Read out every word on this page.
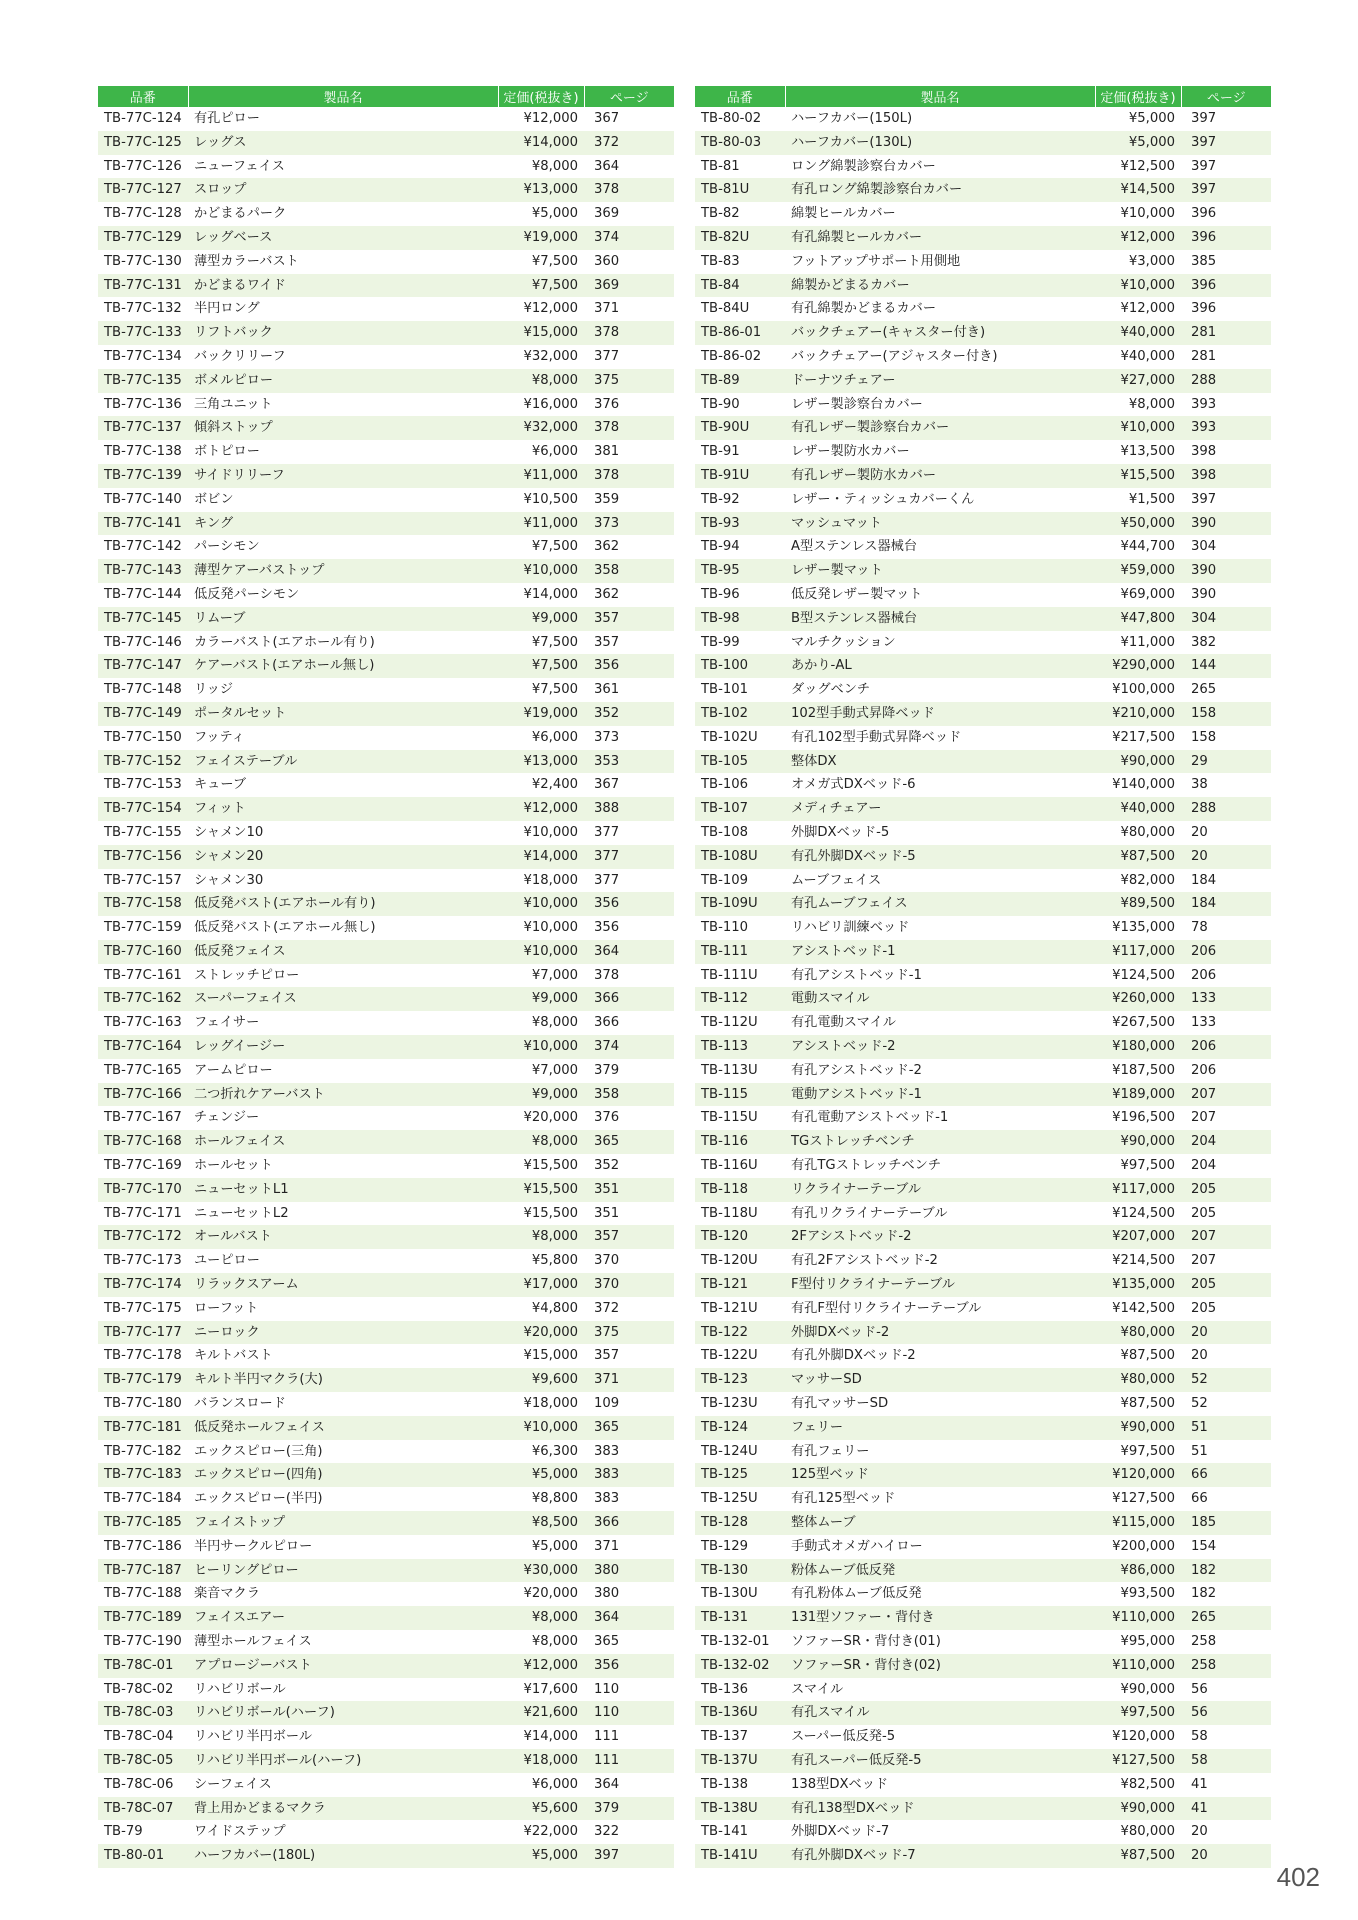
品番	製品名	定価(税抜き)	ページ
TB-77C-124	有孔ピロー	¥12,000	367
TB-77C-125	レッグス	¥14,000	372
TB-77C-126	ニューフェイス	¥8,000	364
TB-77C-127	スロップ	¥13,000	378
TB-77C-128	かどまるパーク	¥5,000	369
TB-77C-129	レッグベース	¥19,000	374
TB-77C-130	薄型カラーバスト	¥7,500	360
TB-77C-131	かどまるワイド	¥7,500	369
TB-77C-132	半円ロング	¥12,000	371
TB-77C-133	リフトバック	¥15,000	378
TB-77C-134	バックリリーフ	¥32,000	377
TB-77C-135	ボメルピロー	¥8,000	375
TB-77C-136	三角ユニット	¥16,000	376
TB-77C-137	傾斜ストップ	¥32,000	378
TB-77C-138	ボトピロー	¥6,000	381
TB-77C-139	サイドリリーフ	¥11,000	378
TB-77C-140	ボビン	¥10,500	359
TB-77C-141	キング	¥11,000	373
TB-77C-142	パーシモン	¥7,500	362
TB-77C-143	薄型ケアーバストップ	¥10,000	358
TB-77C-144	低反発パーシモン	¥14,000	362
TB-77C-145	リムーブ	¥9,000	357
TB-77C-146	カラーバスト(エアホール有り)	¥7,500	357
TB-77C-147	ケアーバスト(エアホール無し)	¥7,500	356
TB-77C-148	リッジ	¥7,500	361
TB-77C-149	ポータルセット	¥19,000	352
TB-77C-150	フッティ	¥6,000	373
TB-77C-152	フェイステーブル	¥13,000	353
TB-77C-153	キューブ	¥2,400	367
TB-77C-154	フィット	¥12,000	388
TB-77C-155	シャメン10	¥10,000	377
TB-77C-156	シャメン20	¥14,000	377
TB-77C-157	シャメン30	¥18,000	377
TB-77C-158	低反発バスト(エアホール有り)	¥10,000	356
TB-77C-159	低反発バスト(エアホール無し)	¥10,000	356
TB-77C-160	低反発フェイス	¥10,000	364
TB-77C-161	ストレッチピロー	¥7,000	378
TB-77C-162	スーパーフェイス	¥9,000	366
TB-77C-163	フェイサー	¥8,000	366
TB-77C-164	レッグイージー	¥10,000	374
TB-77C-165	アームピロー	¥7,000	379
TB-77C-166	二つ折れケアーバスト	¥9,000	358
TB-77C-167	チェンジー	¥20,000	376
TB-77C-168	ホールフェイス	¥8,000	365
TB-77C-169	ホールセット	¥15,500	352
TB-77C-170	ニューセットL1	¥15,500	351
TB-77C-171	ニューセットL2	¥15,500	351
TB-77C-172	オールバスト	¥8,000	357
TB-77C-173	ユーピロー	¥5,800	370
TB-77C-174	リラックスアーム	¥17,000	370
TB-77C-175	ローフット	¥4,800	372
TB-77C-177	ニーロック	¥20,000	375
TB-77C-178	キルトバスト	¥15,000	357
TB-77C-179	キルト半円マクラ(大)	¥9,600	371
TB-77C-180	バランスロード	¥18,000	109
TB-77C-181	低反発ホールフェイス	¥10,000	365
TB-77C-182	エックスピロー(三角)	¥6,300	383
TB-77C-183	エックスピロー(四角)	¥5,000	383
TB-77C-184	エックスピロー(半円)	¥8,800	383
TB-77C-185	フェイストップ	¥8,500	366
TB-77C-186	半円サークルピロー	¥5,000	371
TB-77C-187	ヒーリングピロー	¥30,000	380
TB-77C-188	楽音マクラ	¥20,000	380
TB-77C-189	フェイスエアー	¥8,000	364
TB-77C-190	薄型ホールフェイス	¥8,000	365
TB-78C-01	アプロージーバスト	¥12,000	356
TB-78C-02	リハビリボール	¥17,600	110
TB-78C-03	リハビリボール(ハーフ)	¥21,600	110
TB-78C-04	リハビリ半円ボール	¥14,000	111
TB-78C-05	リハビリ半円ボール(ハーフ)	¥18,000	111
TB-78C-06	シーフェイス	¥6,000	364
TB-78C-07	背上用かどまるマクラ	¥5,600	379
TB-79	ワイドステップ	¥22,000	322
TB-80-01	ハーフカバー(180L)	¥5,000	397
品番	製品名	定価(税抜き)	ページ
TB-80-02	ハーフカバー(150L)	¥5,000	397
TB-80-03	ハーフカバー(130L)	¥5,000	397
TB-81	ロング綿製診察台カバー	¥12,500	397
TB-81U	有孔ロング綿製診察台カバー	¥14,500	397
TB-82	綿製ヒールカバー	¥10,000	396
TB-82U	有孔綿製ヒールカバー	¥12,000	396
TB-83	フットアップサポート用側地	¥3,000	385
TB-84	綿製かどまるカバー	¥10,000	396
TB-84U	有孔綿製かどまるカバー	¥12,000	396
TB-86-01	バックチェアー(キャスター付き)	¥40,000	281
TB-86-02	バックチェアー(アジャスター付き)	¥40,000	281
TB-89	ドーナツチェアー	¥27,000	288
TB-90	レザー製診察台カバー	¥8,000	393
TB-90U	有孔レザー製診察台カバー	¥10,000	393
TB-91	レザー製防水カバー	¥13,500	398
TB-91U	有孔レザー製防水カバー	¥15,500	398
TB-92	レザー・ティッシュカバーくん	¥1,500	397
TB-93	マッシュマット	¥50,000	390
TB-94	A型ステンレス器械台	¥44,700	304
TB-95	レザー製マット	¥59,000	390
TB-96	低反発レザー製マット	¥69,000	390
TB-98	B型ステンレス器械台	¥47,800	304
TB-99	マルチクッション	¥11,000	382
TB-100	あかり-AL	¥290,000	144
TB-101	ダッグベンチ	¥100,000	265
TB-102	102型手動式昇降ベッド	¥210,000	158
TB-102U	有孔102型手動式昇降ベッド	¥217,500	158
TB-105	整体DX	¥90,000	29
TB-106	オメガ式DXベッド-6	¥140,000	38
TB-107	メディチェアー	¥40,000	288
TB-108	外脚DXベッド-5	¥80,000	20
TB-108U	有孔外脚DXベッド-5	¥87,500	20
TB-109	ムーブフェイス	¥82,000	184
TB-109U	有孔ムーブフェイス	¥89,500	184
TB-110	リハビリ訓練ベッド	¥135,000	78
TB-111	アシストベッド-1	¥117,000	206
TB-111U	有孔アシストベッド-1	¥124,500	206
TB-112	電動スマイル	¥260,000	133
TB-112U	有孔電動スマイル	¥267,500	133
TB-113	アシストベッド-2	¥180,000	206
TB-113U	有孔アシストベッド-2	¥187,500	206
TB-115	電動アシストベッド-1	¥189,000	207
TB-115U	有孔電動アシストベッド-1	¥196,500	207
TB-116	TGストレッチベンチ	¥90,000	204
TB-116U	有孔TGストレッチベンチ	¥97,500	204
TB-118	リクライナーテーブル	¥117,000	205
TB-118U	有孔リクライナーテーブル	¥124,500	205
TB-120	2Fアシストベッド-2	¥207,000	207
TB-120U	有孔2Fアシストベッド-2	¥214,500	207
TB-121	F型付リクライナーテーブル	¥135,000	205
TB-121U	有孔F型付リクライナーテーブル	¥142,500	205
TB-122	外脚DXベッド-2	¥80,000	20
TB-122U	有孔外脚DXベッド-2	¥87,500	20
TB-123	マッサーSD	¥80,000	52
TB-123U	有孔マッサーSD	¥87,500	52
TB-124	フェリー	¥90,000	51
TB-124U	有孔フェリー	¥97,500	51
TB-125	125型ベッド	¥120,000	66
TB-125U	有孔125型ベッド	¥127,500	66
TB-128	整体ムーブ	¥115,000	185
TB-129	手動式オメガハイロー	¥200,000	154
TB-130	粉体ムーブ低反発	¥86,000	182
TB-130U	有孔粉体ムーブ低反発	¥93,500	182
TB-131	131型ソファー・背付き	¥110,000	265
TB-132-01	ソファーSR・背付き(01)	¥95,000	258
TB-132-02	ソファーSR・背付き(02)	¥110,000	258
TB-136	スマイル	¥90,000	56
TB-136U	有孔スマイル	¥97,500	56
TB-137	スーパー低反発-5	¥120,000	58
TB-137U	有孔スーパー低反発-5	¥127,500	58
TB-138	138型DXベッド	¥82,500	41
TB-138U	有孔138型DXベッド	¥90,000	41
TB-141	外脚DXベッド-7	¥80,000	20
TB-141U	有孔外脚DXベッド-7	¥87,500	20
402
